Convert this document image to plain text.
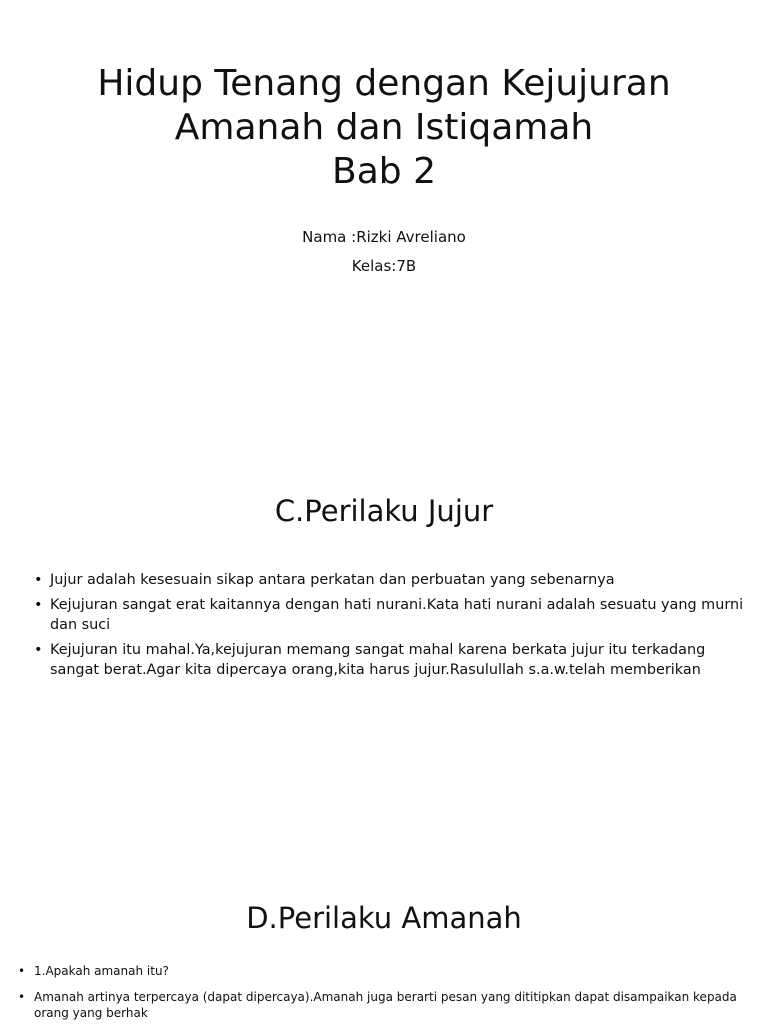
Hidup Tenang dengan Kejujuran
Amanah dan Istiqamah
Bab 2
Nama :Rizki Avreliano
Kelas:7B
C.Perilaku Jujur
• Jujur adalah kesesuain sikap antara perkatan dan perbuatan yang sebenarnya
• Kejujuran sangat erat kaitannya dengan hati nurani.Kata hati nurani adalah sesuatu yang murni dan suci
• Kejujuran itu mahal.Ya,kejujuran memang sangat mahal karena berkata jujur itu terkadang sangat berat.Agar kita dipercaya orang,kita harus jujur.Rasulullah s.a.w.telah memberikan
D.Perilaku Amanah
• 1.Apakah amanah itu?
• Amanah artinya terpercaya (dapat dipercaya).Amanah juga berarti pesan yang dititipkan dapat disampaikan kepada orang yang berhak
